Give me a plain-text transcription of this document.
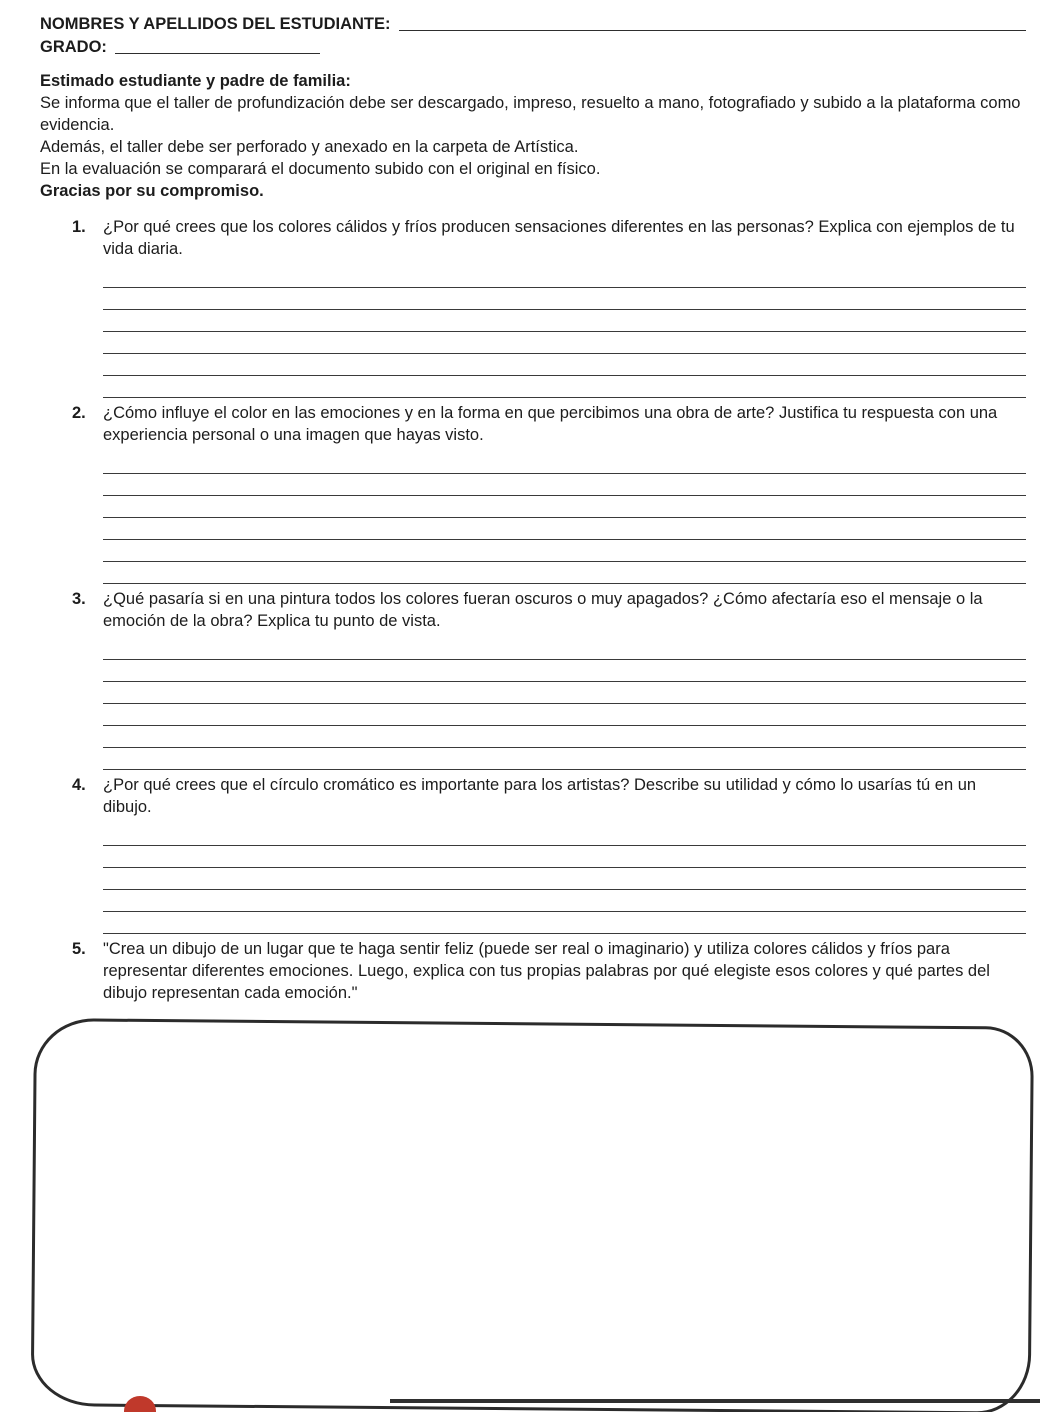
NOMBRES Y APELLIDOS DEL ESTUDIANTE:
GRADO:

Estimado estudiante y padre de familia:

Se informa que el taller de profundización debe ser descargado, impreso, resuelto a mano, fotografiado y subido a la plataforma como evidencia.

Además, el taller debe ser perforado y anexado en la carpeta de Artística.

En la evaluación se comparará el documento subido con el original en físico.

Gracias por su compromiso.

1.	¿Por qué crees que los colores cálidos y fríos producen sensaciones diferentes en las personas? Explica con ejemplos de tu vida diaria.
2.	¿Cómo influye el color en las emociones y en la forma en que percibimos una obra de arte? Justifica tu respuesta con una experiencia personal o una imagen que hayas visto.
3.	¿Qué pasaría si en una pintura todos los colores fueran oscuros o muy apagados? ¿Cómo afectaría eso el mensaje o la emoción de la obra? Explica tu punto de vista.
4.	¿Por qué crees que el círculo cromático es importante para los artistas? Describe su utilidad y cómo lo usarías tú en un dibujo.
5.	"Crea un dibujo de un lugar que te haga sentir feliz (puede ser real o imaginario) y utiliza colores cálidos y fríos para representar diferentes emociones. Luego, explica con tus propias palabras por qué elegiste esos colores y qué partes del dibujo representan cada emoción."
